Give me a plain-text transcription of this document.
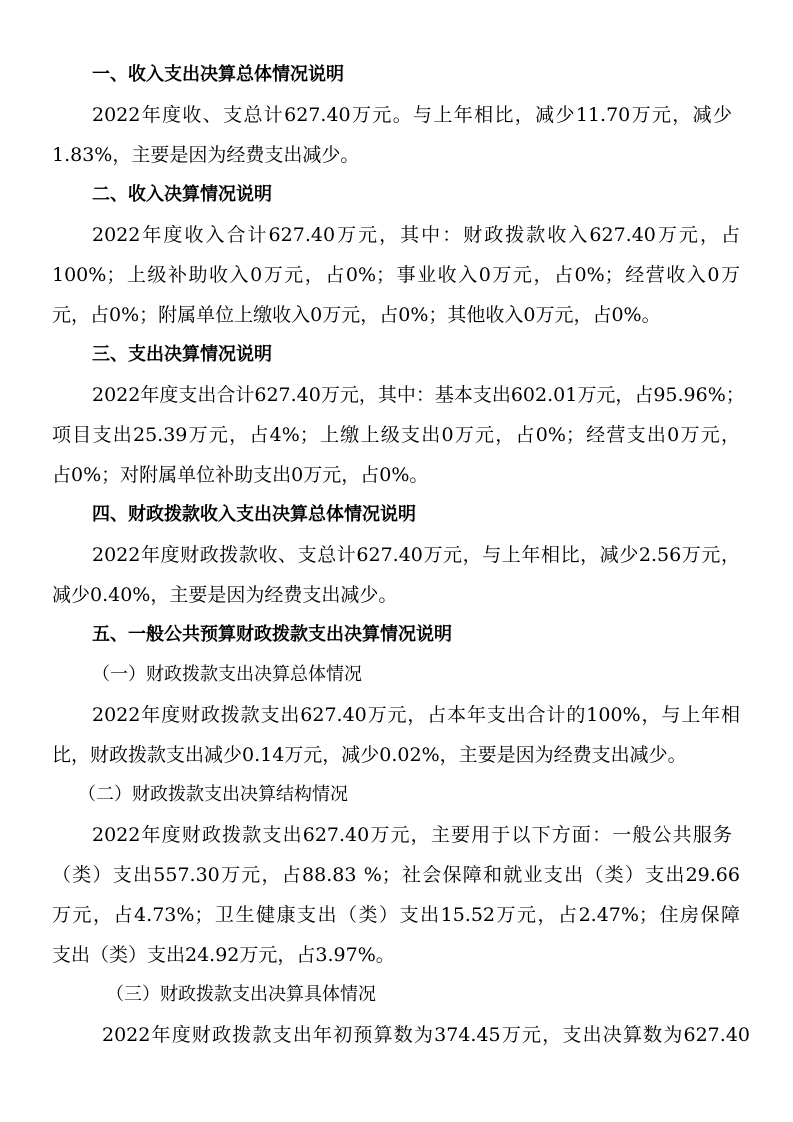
一、收入支出决算总体情况说明
2022年度收、支总计627.40万元。与上年相比，减少11.70万元，减少
1.83%，主要是因为经费支出减少。
二、收入决算情况说明
2022年度收入合计627.40万元，其中：财政拨款收入627.40万元，占
100%；上级补助收入0万元，占0%；事业收入0万元，占0%；经营收入0万
元，占0%；附属单位上缴收入0万元，占0%；其他收入0万元，占0%。
三、支出决算情况说明
2022年度支出合计627.40万元，其中：基本支出602.01万元，占95.96%；
项目支出25.39万元，占4%；上缴上级支出0万元，占0%；经营支出0万元，
占0%；对附属单位补助支出0万元，占0%。
四、财政拨款收入支出决算总体情况说明
2022年度财政拨款收、支总计627.40万元，与上年相比，减少2.56万元，
减少0.40%，主要是因为经费支出减少。
五、一般公共预算财政拨款支出决算情况说明
（一）财政拨款支出决算总体情况
2022年度财政拨款支出627.40万元，占本年支出合计的100%，与上年相
比，财政拨款支出减少0.14万元，减少0.02%，主要是因为经费支出减少。
（二）财政拨款支出决算结构情况
2022年度财政拨款支出627.40万元，主要用于以下方面：一般公共服务
（类）支出557.30万元，占88.83 %；社会保障和就业支出（类）支出29.66
万元，占4.73%；卫生健康支出（类）支出15.52万元，占2.47%；住房保障
支出（类）支出24.92万元，占3.97%。
（三）财政拨款支出决算具体情况
2022年度财政拨款支出年初预算数为374.45万元，支出决算数为627.40
